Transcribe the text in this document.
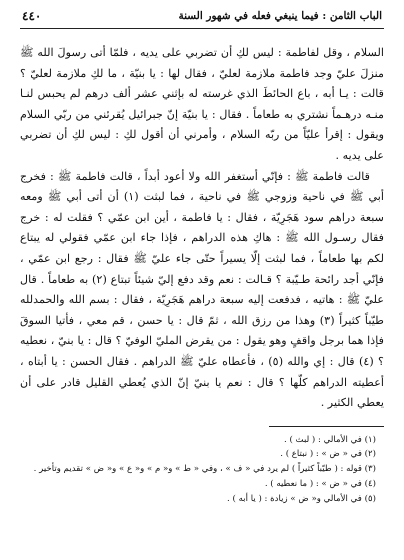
الباب الثامن : فيما ينبغي فعله في شهور السنة
٤٤٠

السلام ، وقل لفاطمة : ليس لكِ أن تضربي على يديه ، فلمّا أتى رسولَ الله ﷺ منزلَ عليّ وجد فاطمة ملازمة لعليّ ، فقال لها : يا بنيّة ، ما لكِ ملازمة لعليّ ؟ قالت : يـا أبه ، باع الحائطَ الذي غرسته له بإثني عشر ألف درهم لم يحبس لنـا منـه درهـماً نشتري به طعاماً . فقال : يا بنيّة إنّ جبرائيل يُقرئني من ربّي السلام ويقول : إقرأ عليّاً من ربّه السلام ، وأمرني أن أقول لكِ : ليس لكِ أن تضربي على يديه .

قالت فاطمة ﷺ : فإنّي أستغفر الله ولا أعود أبداً ، قالت فاطمة ﷺ : فخرج أبي ﷺ في ناحية وزوجي ﷺ في ناحية ، فما لبثت (١) أن أتى أبي ﷺ ومعه سبعة دراهم سود هَجَرِيّة ، فقال : يا فاطمة ، أين ابن عمّي ؟ فقلت له : خرج فقال رسـول الله ﷺ : هاكِ هذه الدراهم ، فإذا جاء ابن عمّي فقولي له يبتاع لكم بها طعاماً ، فما لبثت إلّا يسيراً حتّى جاء عليّ ﷺ فقال : رجع ابن عمّي ، فإنّي أجد رائحة طـيّبة ؟ قـالت : نعم وقد دفع إليّ شيئاً تبتاع (٢) به طعاماً . قال عليّ ﷺ : هاتيه ، فدفعت إليه سبعة دراهم هَجَرِيّة ، فقال : بسم الله والحمدلله طيّباً كثيراً (٣) وهذا من رزق الله ، ثمّ قال : يا حسن ، قم معي ، فأتيا السوقَ فإذا هما برجل واقفٍ وهو يقول : من يقرض المليّ الوفيّ ؟ قال : يا بنيّ ، نعطيه ؟ (٤) قال : إي والله (٥) ، فأعطاه عليّ ﷺ الدراهم . فقال الحسن : يا أبتاه ، أعطيته الدراهم كلّها ؟ قال : نعم يا بنيّ إنّ الذي يُعطي القليل قادر على أن يعطي الكثير .

(١) في الأمالي : ( لبث ) .

(٢) في « ض » : ( نبتاع ) .

(٣) قوله : ( طيّباً كثيراً ) لم يرد في « ف » ، وفي « ط » و« م » و« ع » و« ض » تقديم وتأخير .

(٤) في « ض » : ( ما نعطيه ) .

(٥) في الأمالي و« ض » زيادة : ( يا أبه ) .
